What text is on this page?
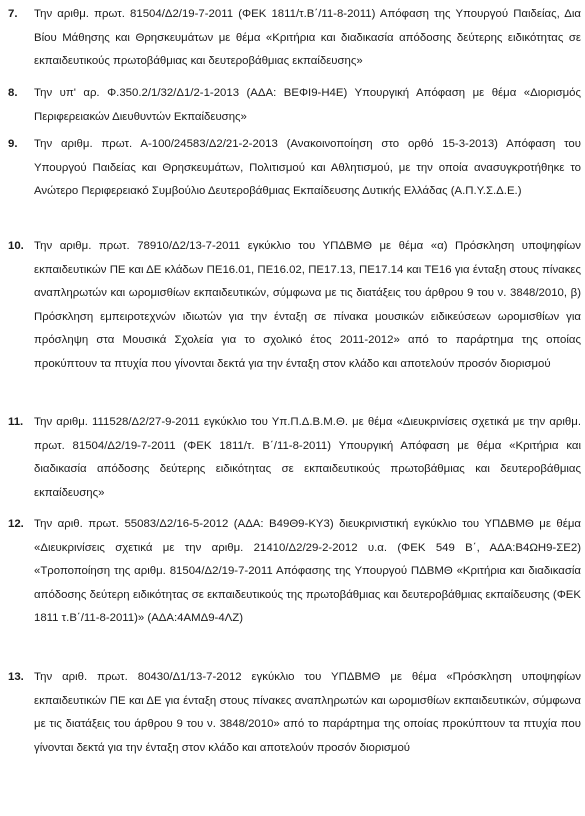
7.	Την αριθμ. πρωτ. 81504/Δ2/19-7-2011 (ΦΕΚ 1811/τ.Β΄/11-8-2011) Απόφαση της Υπουργού Παιδείας, Δια Βίου Μάθησης και Θρησκευμάτων με θέμα «Κριτήρια και διαδικασία απόδοσης δεύτερης ειδικότητας σε εκπαιδευτικούς πρωτοβάθμιας και δευτεροβάθμιας εκπαίδευσης»
8.	Την υπ' αρ. Φ.350.2/1/32/Δ1/2-1-2013 (ΑΔΑ: ΒΕΦΙ9-Η4Ε) Υπουργική Απόφαση με θέμα «Διορισμός Περιφερειακών Διευθυντών Εκπαίδευσης»
9.	Την αριθμ. πρωτ. Α-100/24583/Δ2/21-2-2013 (Ανακοινοποίηση στο ορθό 15-3-2013) Απόφαση του Υπουργού Παιδείας και Θρησκευμάτων, Πολιτισμού και Αθλητισμού, με την οποία ανασυγκροτήθηκε το Ανώτερο Περιφερειακό Συμβούλιο Δευτεροβάθμιας Εκπαίδευσης Δυτικής Ελλάδας (Α.Π.Υ.Σ.Δ.Ε.)
10. Την αριθμ. πρωτ. 78910/Δ2/13-7-2011 εγκύκλιο του ΥΠΔΒΜΘ με θέμα «α) Πρόσκληση υποψηφίων εκπαιδευτικών ΠΕ και ΔΕ κλάδων ΠΕ16.01, ΠΕ16.02, ΠΕ17.13, ΠΕ17.14 και ΤΕ16 για ένταξη στους πίνακες αναπληρωτών και ωρομισθίων εκπαιδευτικών, σύμφωνα με τις διατάξεις του άρθρου 9 του ν. 3848/2010, β) Πρόσκληση εμπειροτεχνών ιδιωτών για την ένταξη σε πίνακα μουσικών ειδικεύσεων ωρομισθίων για πρόσληψη στα Μουσικά Σχολεία για το σχολικό έτος 2011-2012» από το παράρτημα της οποίας προκύπτουν τα πτυχία που γίνονται δεκτά για την ένταξη στον κλάδο και αποτελούν προσόν διορισμού
11. Την αριθμ. 111528/Δ2/27-9-2011 εγκύκλιο του Υπ.Π.Δ.Β.Μ.Θ. με θέμα «Διευκρινίσεις σχετικά με την αριθμ. πρωτ. 81504/Δ2/19-7-2011 (ΦΕΚ 1811/τ. Β΄/11-8-2011) Υπουργική Απόφαση με θέμα «Κριτήρια και διαδικασία απόδοσης δεύτερης ειδικότητας σε εκπαιδευτικούς πρωτοβάθμιας και δευτεροβάθμιας εκπαίδευσης»
12. Την αριθ. πρωτ. 55083/Δ2/16-5-2012 (ΑΔΑ: Β49Θ9-ΚΥ3) διευκρινιστική εγκύκλιο του ΥΠΔΒΜΘ με θέμα «Διευκρινίσεις σχετικά με την αριθμ. 21410/Δ2/29-2-2012 υ.α. (ΦΕΚ 549 Β΄, ΑΔΑ:Β4ΩΗ9-ΣΕ2) «Τροποποίηση της αριθμ. 81504/Δ2/19-7-2011 Απόφασης της Υπουργού ΠΔΒΜΘ «Κριτήρια και διαδικασία απόδοσης δεύτερη ειδικότητας σε εκπαιδευτικούς της πρωτοβάθμιας και δευτεροβάθμιας εκπαίδευσης (ΦΕΚ 1811 τ.Β΄/11-8-2011)» (ΑΔΑ:4ΑΜΔ9-4ΛΖ)
13. Την αριθ. πρωτ. 80430/Δ1/13-7-2012 εγκύκλιο του ΥΠΔΒΜΘ με θέμα «Πρόσκληση υποψηφίων εκπαιδευτικών ΠΕ και ΔΕ για ένταξη στους πίνακες αναπληρωτών και ωρομισθίων εκπαιδευτικών, σύμφωνα με τις διατάξεις του άρθρου 9 του ν. 3848/2010» από το παράρτημα της οποίας προκύπτουν τα πτυχία που γίνονται δεκτά για την ένταξη στον κλάδο και αποτελούν προσόν διορισμού
